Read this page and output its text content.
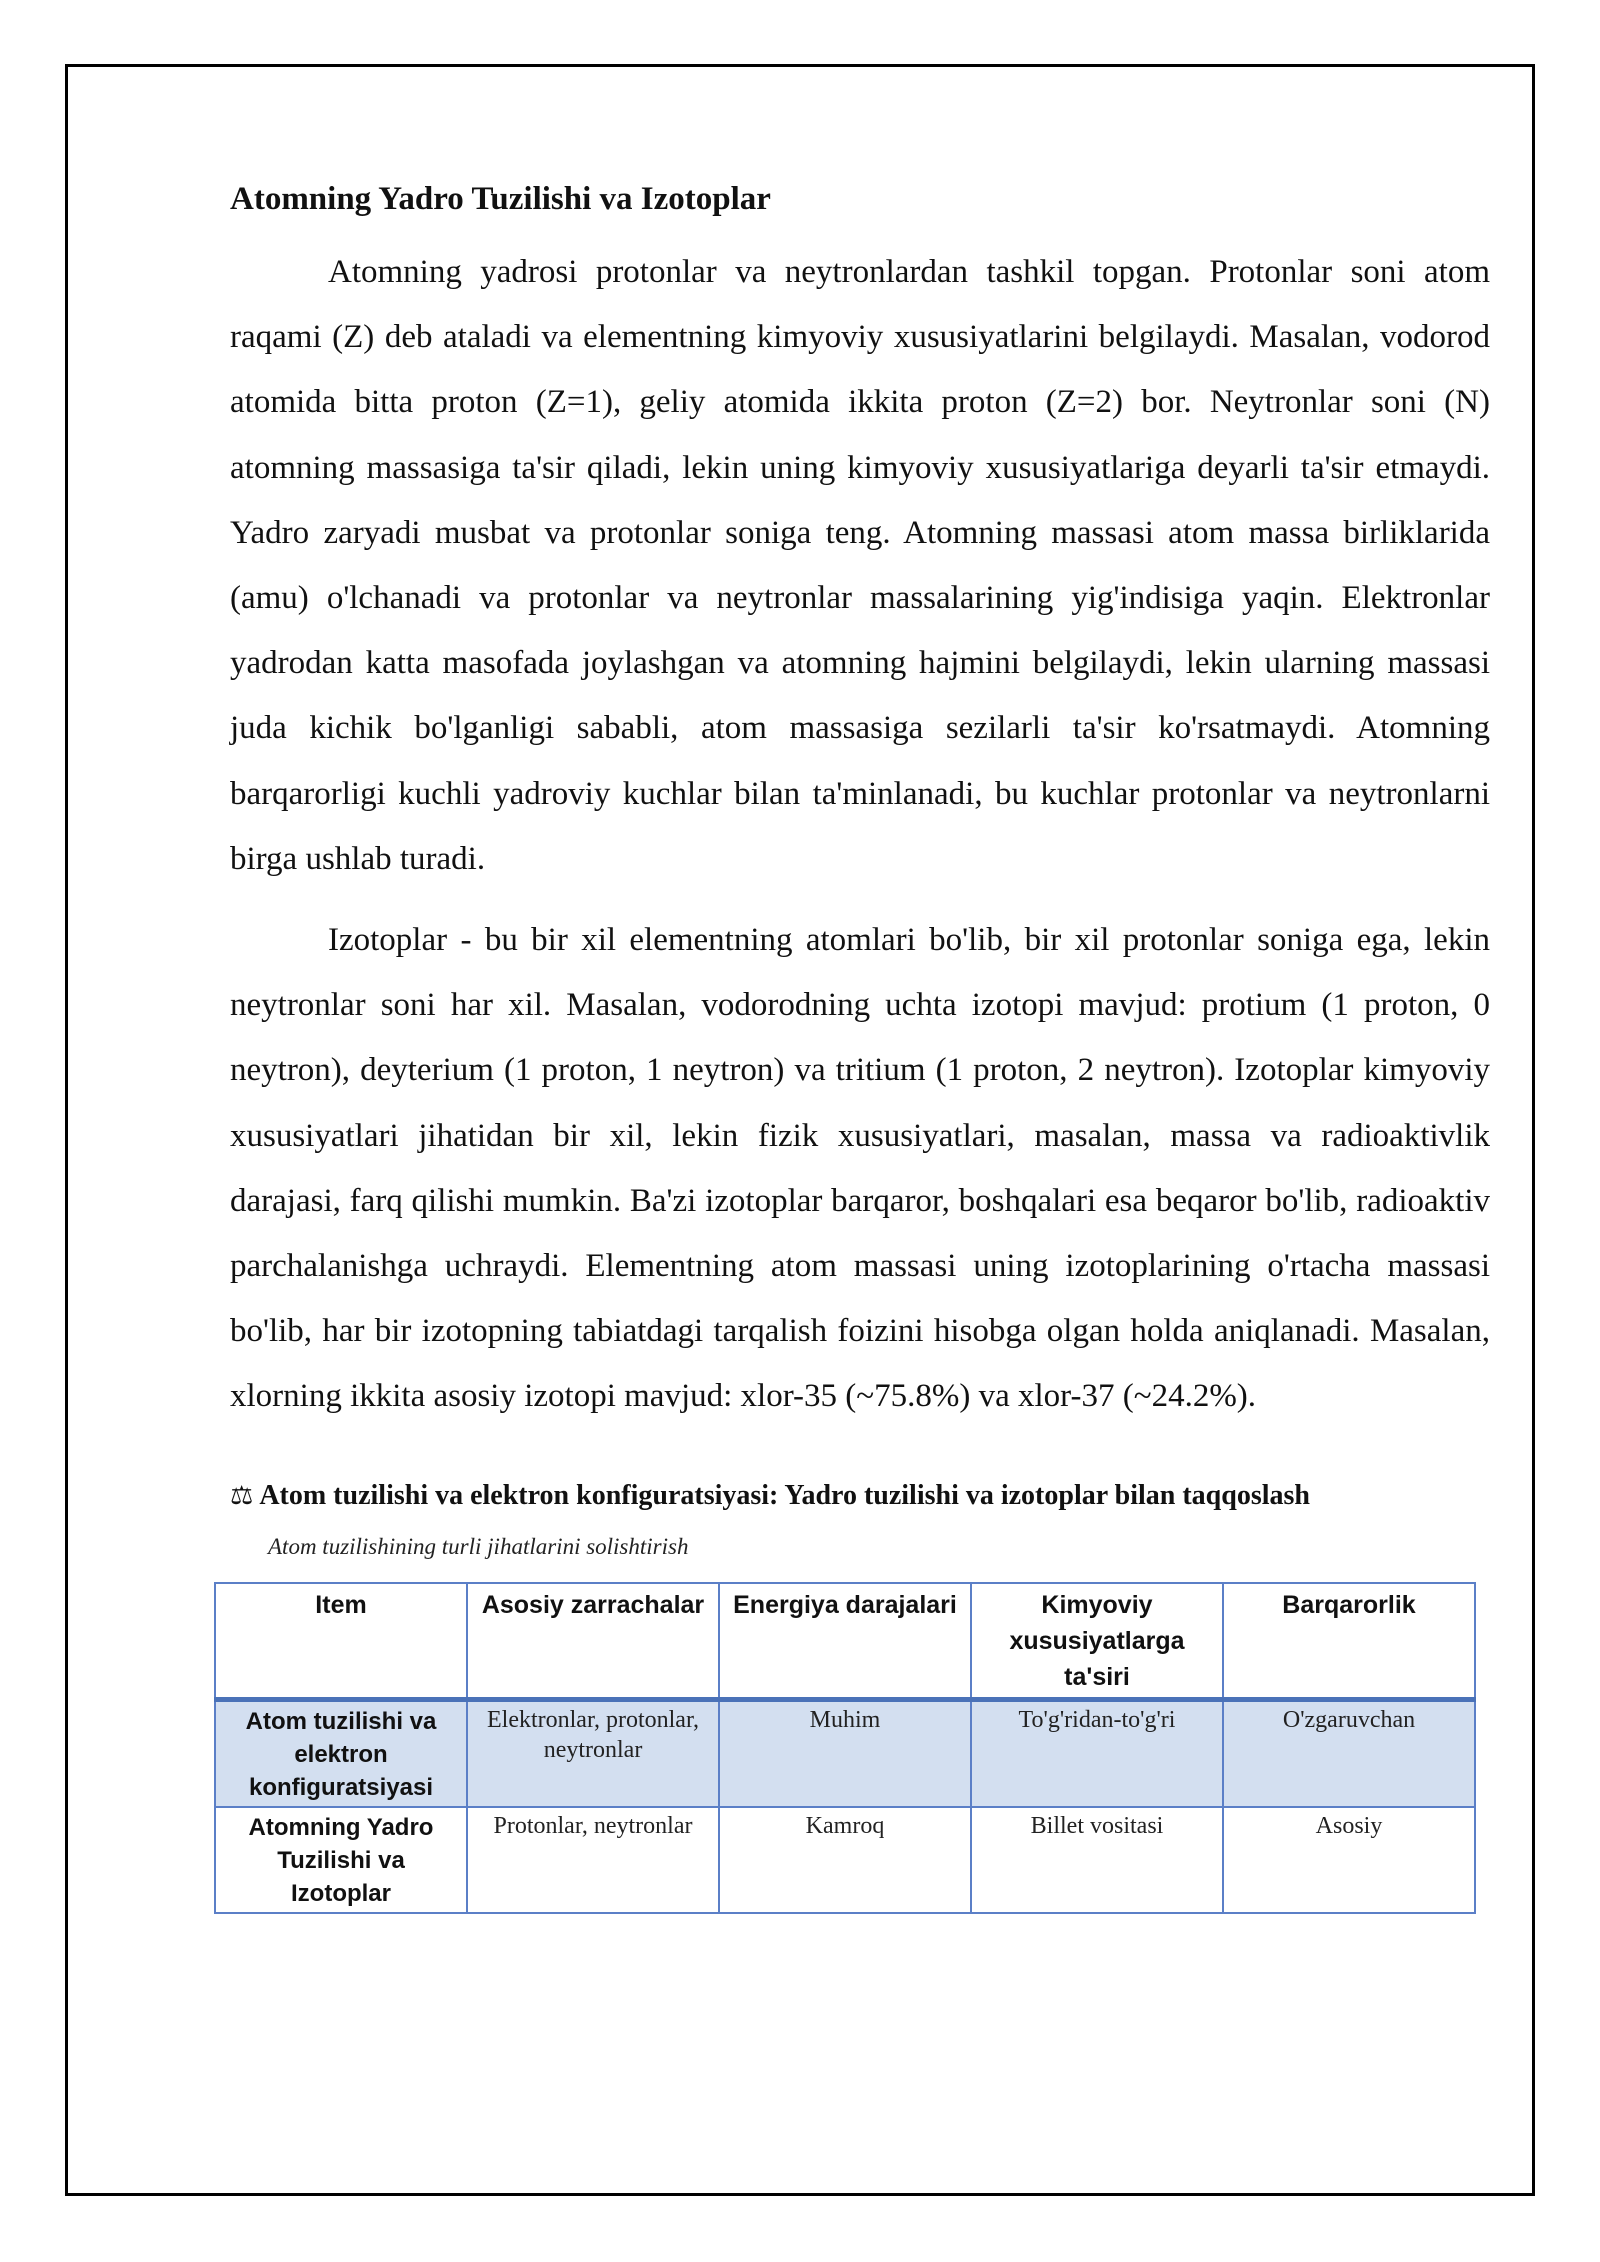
Atomning Yadro Tuzilishi va Izotoplar

Atomning yadrosi protonlar va neytronlardan tashkil topgan. Protonlar soni atom raqami (Z) deb ataladi va elementning kimyoviy xususiyatlarini belgilaydi. Masalan, vodorod atomida bitta proton (Z=1), geliy atomida ikkita proton (Z=2) bor. Neytronlar soni (N) atomning massasiga ta'sir qiladi, lekin uning kimyoviy xususiyatlariga deyarli ta'sir etmaydi. Yadro zaryadi musbat va protonlar soniga teng. Atomning massasi atom massa birliklarida (amu) o'lchanadi va protonlar va neytronlar massalarining yig'indisiga yaqin. Elektronlar yadrodan katta masofada joylashgan va atomning hajmini belgilaydi, lekin ularning massasi juda kichik bo'lganligi sababli, atom massasiga sezilarli ta'sir ko'rsatmaydi. Atomning barqarorligi kuchli yadroviy kuchlar bilan ta'minlanadi, bu kuchlar protonlar va neytronlarni birga ushlab turadi.

Izotoplar - bu bir xil elementning atomlari bo'lib, bir xil protonlar soniga ega, lekin neytronlar soni har xil. Masalan, vodorodning uchta izotopi mavjud: protium (1 proton, 0 neytron), deyterium (1 proton, 1 neytron) va tritium (1 proton, 2 neytron). Izotoplar kimyoviy xususiyatlari jihatidan bir xil, lekin fizik xususiyatlari, masalan, massa va radioaktivlik darajasi, farq qilishi mumkin. Ba'zi izotoplar barqaror, boshqalari esa beqaror bo'lib, radioaktiv parchalanishga uchraydi. Elementning atom massasi uning izotoplarining o'rtacha massasi bo'lib, har bir izotopning tabiatdagi tarqalish foizini hisobga olgan holda aniqlanadi. Masalan, xlorning ikkita asosiy izotopi mavjud: xlor-35 (~75.8%) va xlor-37 (~24.2%).

⚖ Atom tuzilishi va elektron konfiguratsiyasi: Yadro tuzilishi va izotoplar bilan taqqoslash
Atom tuzilishining turli jihatlarini solishtirish
Item	Asosiy zarrachalar	Energiya darajalari	Kimyoviy xususiyatlarga ta'siri	Barqarorlik
Atom tuzilishi va elektron konfiguratsiyasi	Elektronlar, protonlar, neytronlar	Muhim	To'g'ridan-to'g'ri	O'zgaruvchan
Atomning Yadro Tuzilishi va Izotoplar	Protonlar, neytronlar	Kamroq	Billet vositasi	Asosiy
